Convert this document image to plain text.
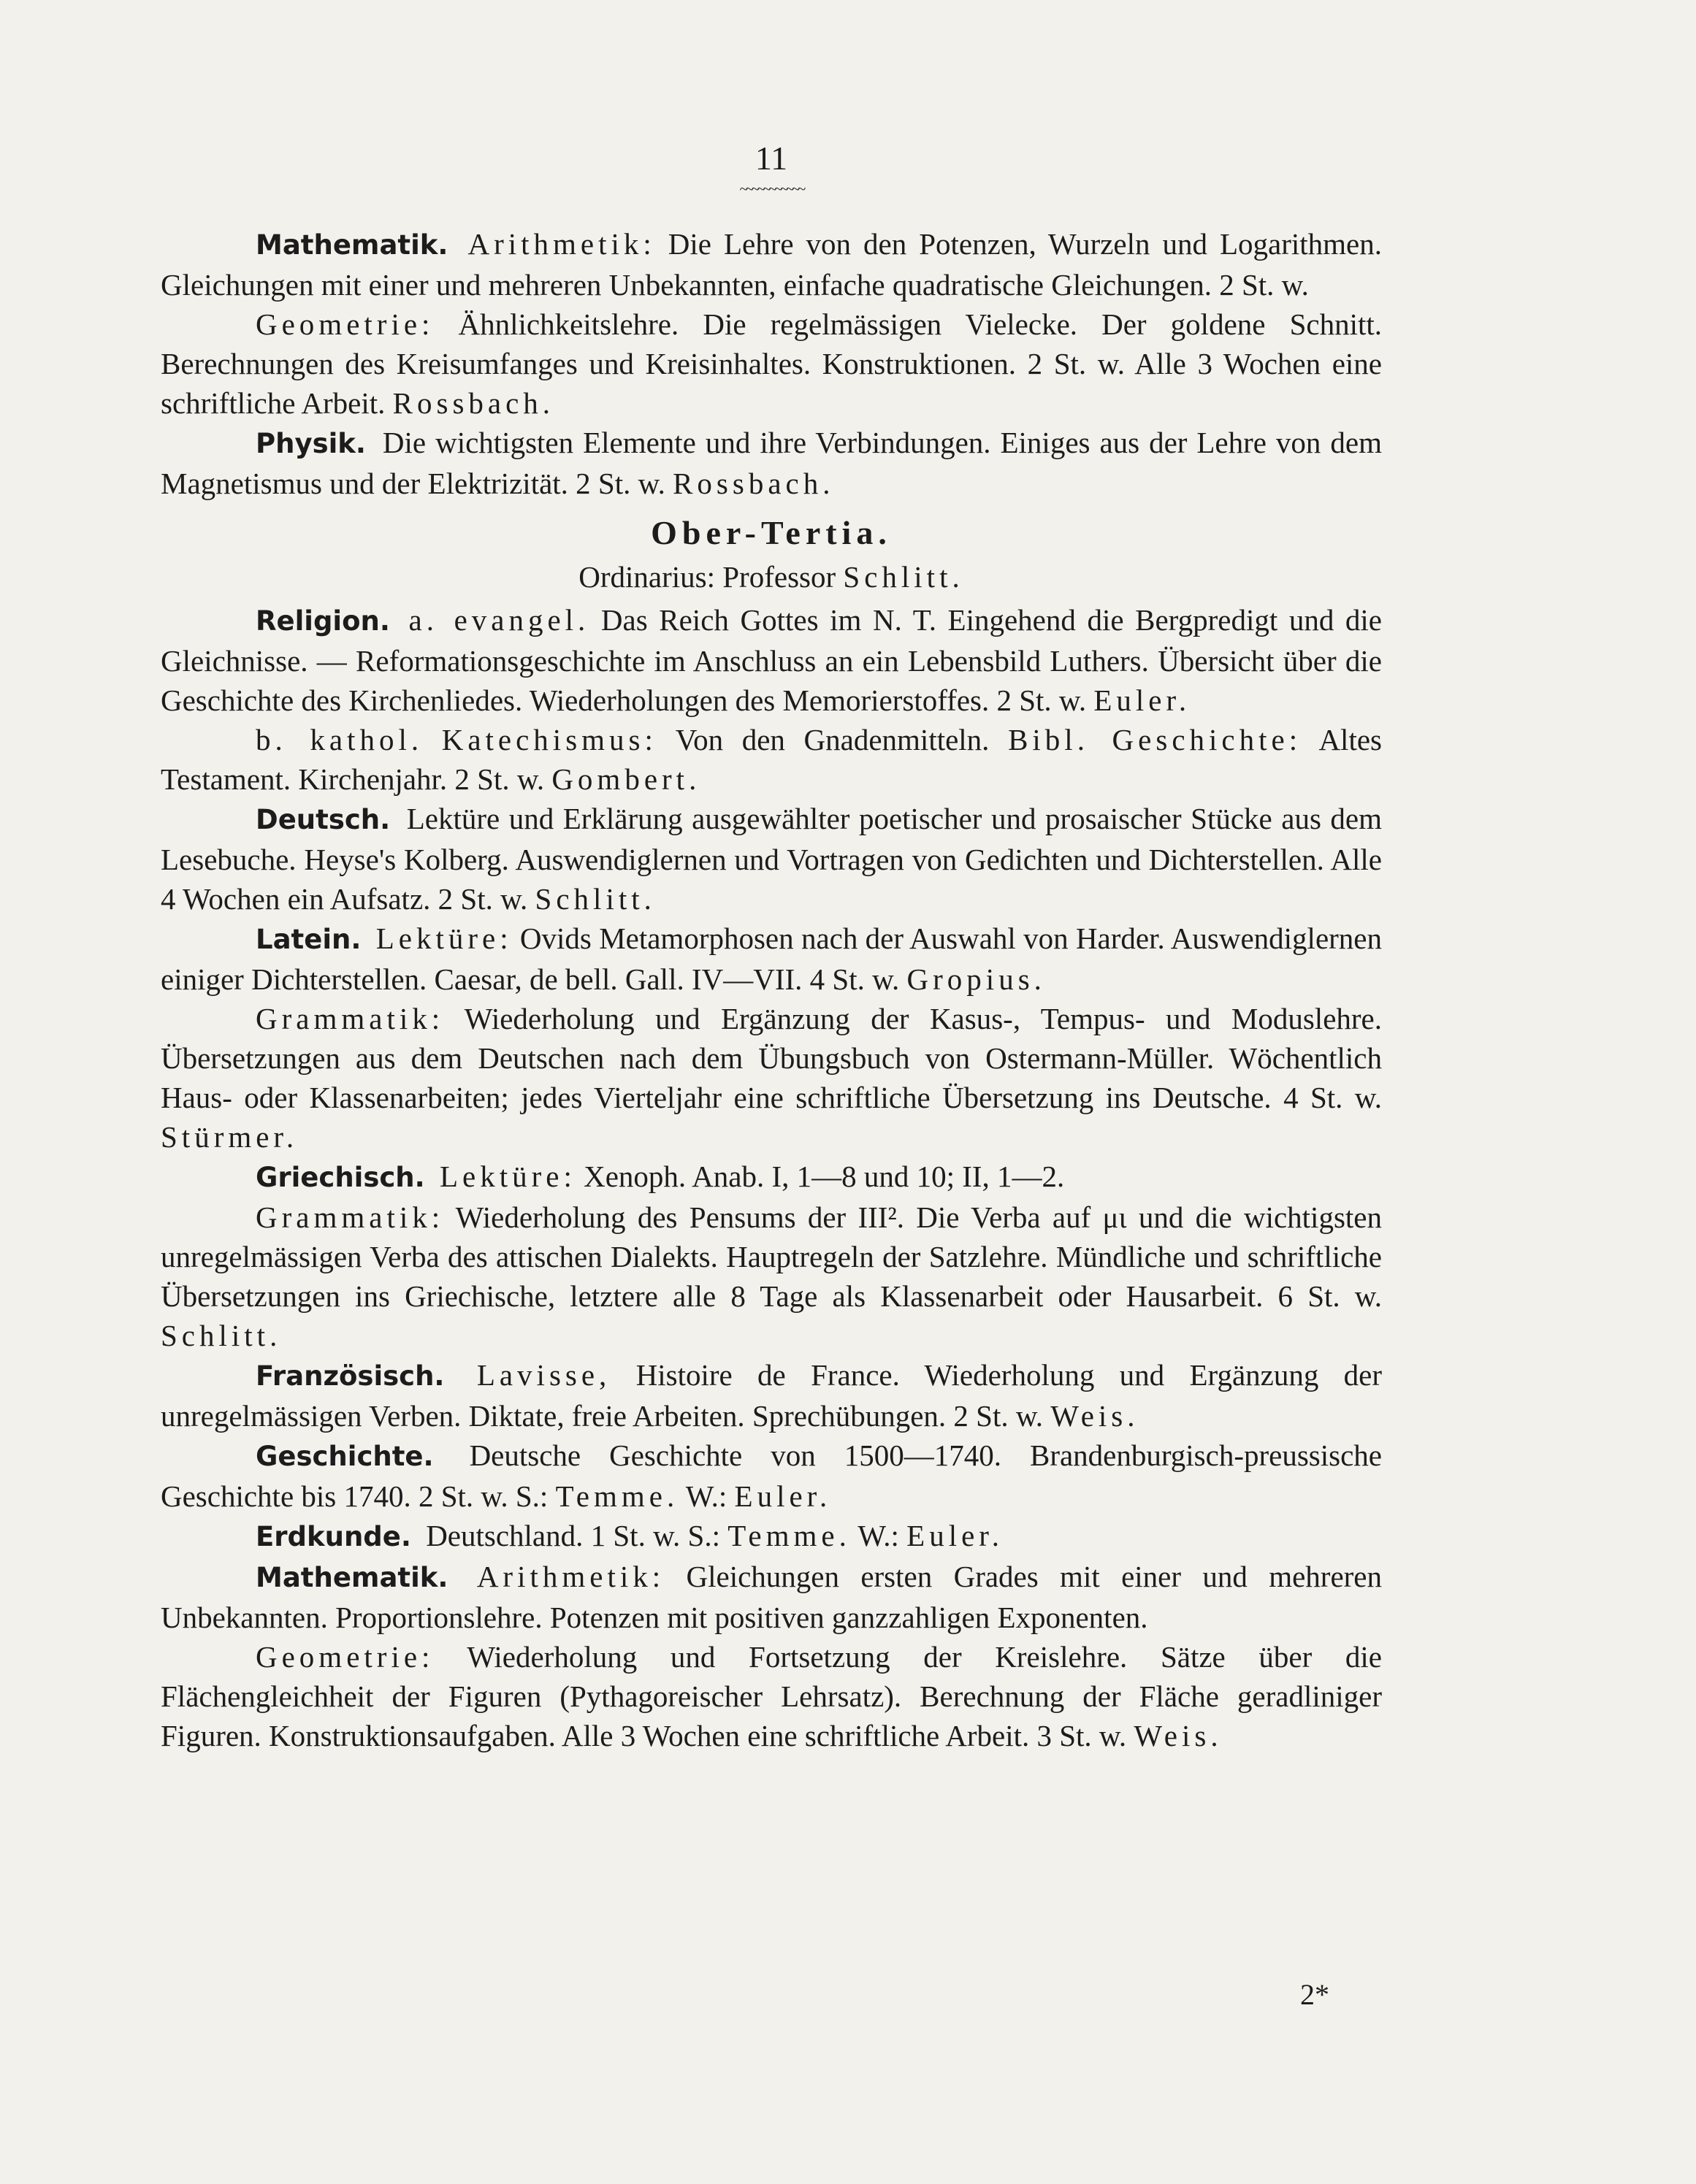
11
~~~~~~~~~~~

Mathematik. Arithmetik: Die Lehre von den Potenzen, Wurzeln und Logarithmen. Gleichungen mit einer und mehreren Unbekannten, einfache quadratische Gleichungen. 2 St. w.

Geometrie: Ähnlichkeitslehre. Die regelmässigen Vielecke. Der goldene Schnitt. Berechnungen des Kreisumfanges und Kreisinhaltes. Konstruktionen. 2 St. w. Alle 3 Wochen eine schriftliche Arbeit. Rossbach.

Physik. Die wichtigsten Elemente und ihre Verbindungen. Einiges aus der Lehre von dem Magnetismus und der Elektrizität. 2 St. w. Rossbach.

Ober-Tertia.
Ordinarius: Professor Schlitt.

Religion. a. evangel. Das Reich Gottes im N. T. Eingehend die Bergpredigt und die Gleichnisse. — Reformationsgeschichte im Anschluss an ein Lebensbild Luthers. Übersicht über die Geschichte des Kirchenliedes. Wiederholungen des Memorierstoffes. 2 St. w. Euler.

b. kathol. Katechismus: Von den Gnadenmitteln. Bibl. Geschichte: Altes Testament. Kirchenjahr. 2 St. w. Gombert.

Deutsch. Lektüre und Erklärung ausgewählter poetischer und prosaischer Stücke aus dem Lesebuche. Heyse's Kolberg. Auswendiglernen und Vortragen von Gedichten und Dichterstellen. Alle 4 Wochen ein Aufsatz. 2 St. w. Schlitt.

Latein. Lektüre: Ovids Metamorphosen nach der Auswahl von Harder. Auswendiglernen einiger Dichterstellen. Caesar, de bell. Gall. IV—VII. 4 St. w. Gropius.

Grammatik: Wiederholung und Ergänzung der Kasus-, Tempus- und Moduslehre. Übersetzungen aus dem Deutschen nach dem Übungsbuch von Ostermann-Müller. Wöchentlich Haus- oder Klassenarbeiten; jedes Vierteljahr eine schriftliche Übersetzung ins Deutsche. 4 St. w. Stürmer.

Griechisch. Lektüre: Xenoph. Anab. I, 1—8 und 10; II, 1—2.

Grammatik: Wiederholung des Pensums der III². Die Verba auf μι und die wichtigsten unregelmässigen Verba des attischen Dialekts. Hauptregeln der Satzlehre. Mündliche und schriftliche Übersetzungen ins Griechische, letztere alle 8 Tage als Klassenarbeit oder Hausarbeit. 6 St. w. Schlitt.

Französisch. Lavisse, Histoire de France. Wiederholung und Ergänzung der unregelmässigen Verben. Diktate, freie Arbeiten. Sprechübungen. 2 St. w. Weis.

Geschichte. Deutsche Geschichte von 1500—1740. Brandenburgisch-preussische Geschichte bis 1740. 2 St. w. S.: Temme. W.: Euler.

Erdkunde. Deutschland. 1 St. w. S.: Temme. W.: Euler.

Mathematik. Arithmetik: Gleichungen ersten Grades mit einer und mehreren Unbekannten. Proportionslehre. Potenzen mit positiven ganzzahligen Exponenten.

Geometrie: Wiederholung und Fortsetzung der Kreislehre. Sätze über die Flächengleichheit der Figuren (Pythagoreischer Lehrsatz). Berechnung der Fläche geradliniger Figuren. Konstruktionsaufgaben. Alle 3 Wochen eine schriftliche Arbeit. 3 St. w. Weis.

2*
